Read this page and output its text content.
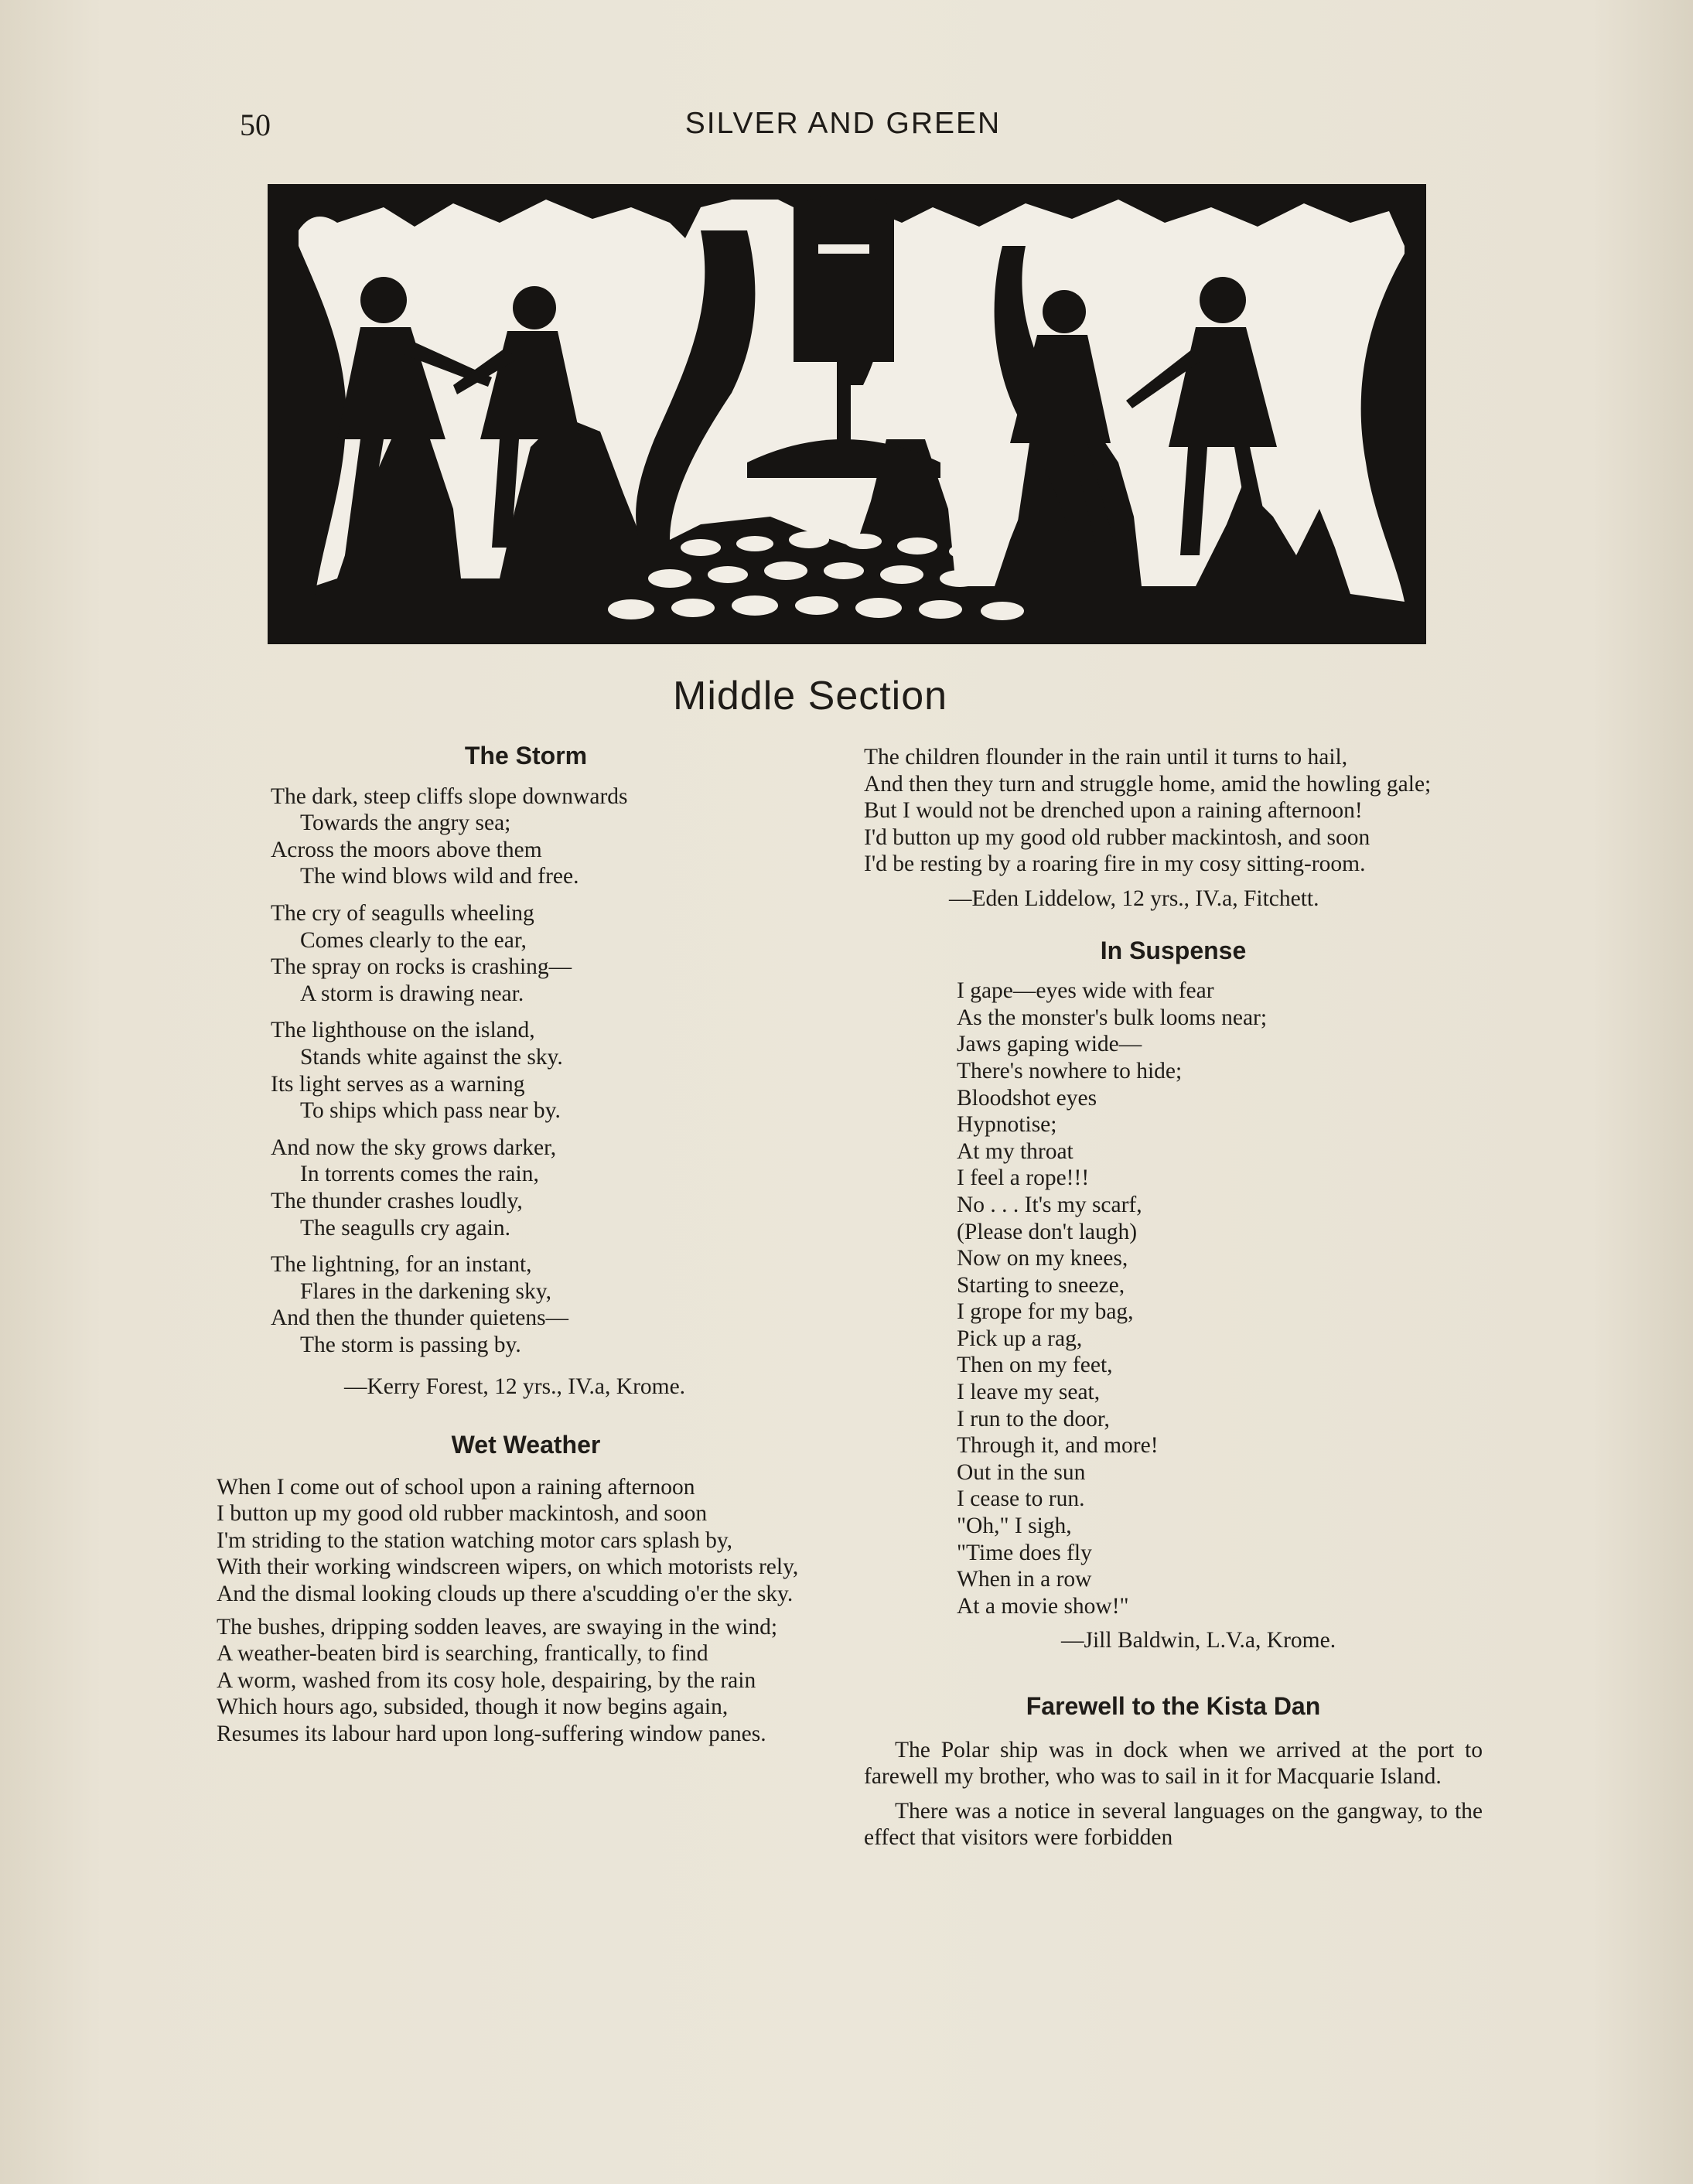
50	SILVER AND GREEN
Middle Section
The Storm
The dark, steep cliffs slope downwards
Towards the angry sea;
Across the moors above them
The wind blows wild and free.
The cry of seagulls wheeling
Comes clearly to the ear,
The spray on rocks is crashing—
A storm is drawing near.
The lighthouse on the island,
Stands white against the sky.
Its light serves as a warning
To ships which pass near by.
And now the sky grows darker,
In torrents comes the rain,
The thunder crashes loudly,
The seagulls cry again.
The lightning, for an instant,
Flares in the darkening sky,
And then the thunder quietens—
The storm is passing by.
—Kerry Forest, 12 yrs., IV.a, Krome.
Wet Weather
When I come out of school upon a raining afternoon
I button up my good old rubber mackintosh, and soon
I'm striding to the station watching motor cars splash by,
With their working windscreen wipers, on which motorists rely,
And the dismal looking clouds up there a'scudding o'er the sky.
The bushes, dripping sodden leaves, are swaying in the wind;
A weather-beaten bird is searching, frantically, to find
A worm, washed from its cosy hole, despairing, by the rain
Which hours ago, subsided, though it now begins again,
Resumes its labour hard upon long-suffering window panes.
The children flounder in the rain until it turns to hail,
And then they turn and struggle home, amid the howling gale;
But I would not be drenched upon a raining afternoon!
I'd button up my good old rubber mackintosh, and soon
I'd be resting by a roaring fire in my cosy sitting-room.
—Eden Liddelow, 12 yrs., IV.a, Fitchett.
In Suspense
I gape—eyes wide with fear
As the monster's bulk looms near;
Jaws gaping wide—
There's nowhere to hide;
Bloodshot eyes
Hypnotise;
At my throat
I feel a rope!!!
No . . . It's my scarf,
(Please don't laugh)
Now on my knees,
Starting to sneeze,
I grope for my bag,
Pick up a rag,
Then on my feet,
I leave my seat,
I run to the door,
Through it, and more!
Out in the sun
I cease to run.
"Oh," I sigh,
"Time does fly
When in a row
At a movie show!"
—Jill Baldwin, L.V.a, Krome.
Farewell to the Kista Dan
The Polar ship was in dock when we arrived at the port to farewell my brother, who was to sail in it for Macquarie Island.
There was a notice in several languages on the gangway, to the effect that visitors were forbidden
